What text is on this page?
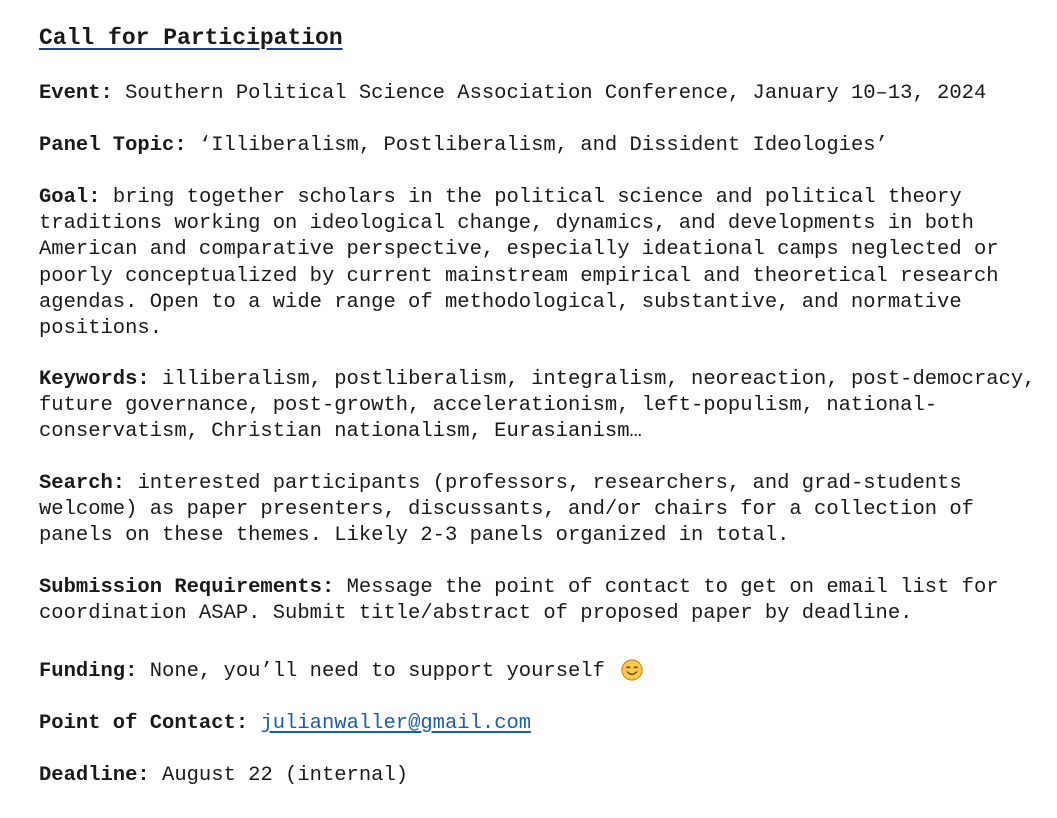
Call for Participation

Event: Southern Political Science Association Conference, January 10–13, 2024

Panel Topic: ‘Illiberalism, Postliberalism, and Dissident Ideologies’

Goal: bring together scholars in the political science and political theory traditions working on ideological change, dynamics, and developments in both American and comparative perspective, especially ideational camps neglected or poorly conceptualized by current mainstream empirical and theoretical research agendas. Open to a wide range of methodological, substantive, and normative positions.

Keywords: illiberalism, postliberalism, integralism, neoreaction, post-democracy, future governance, post-growth, accelerationism, left-populism, national-conservatism, Christian nationalism, Eurasianism…

Search: interested participants (professors, researchers, and grad-students welcome) as paper presenters, discussants, and/or chairs for a collection of panels on these themes. Likely 2-3 panels organized in total.

Submission Requirements: Message the point of contact to get on email list for coordination ASAP. Submit title/abstract of proposed paper by deadline.

Funding: None, you’ll need to support yourself

Point of Contact: julianwaller@gmail.com

Deadline: August 22 (internal)
